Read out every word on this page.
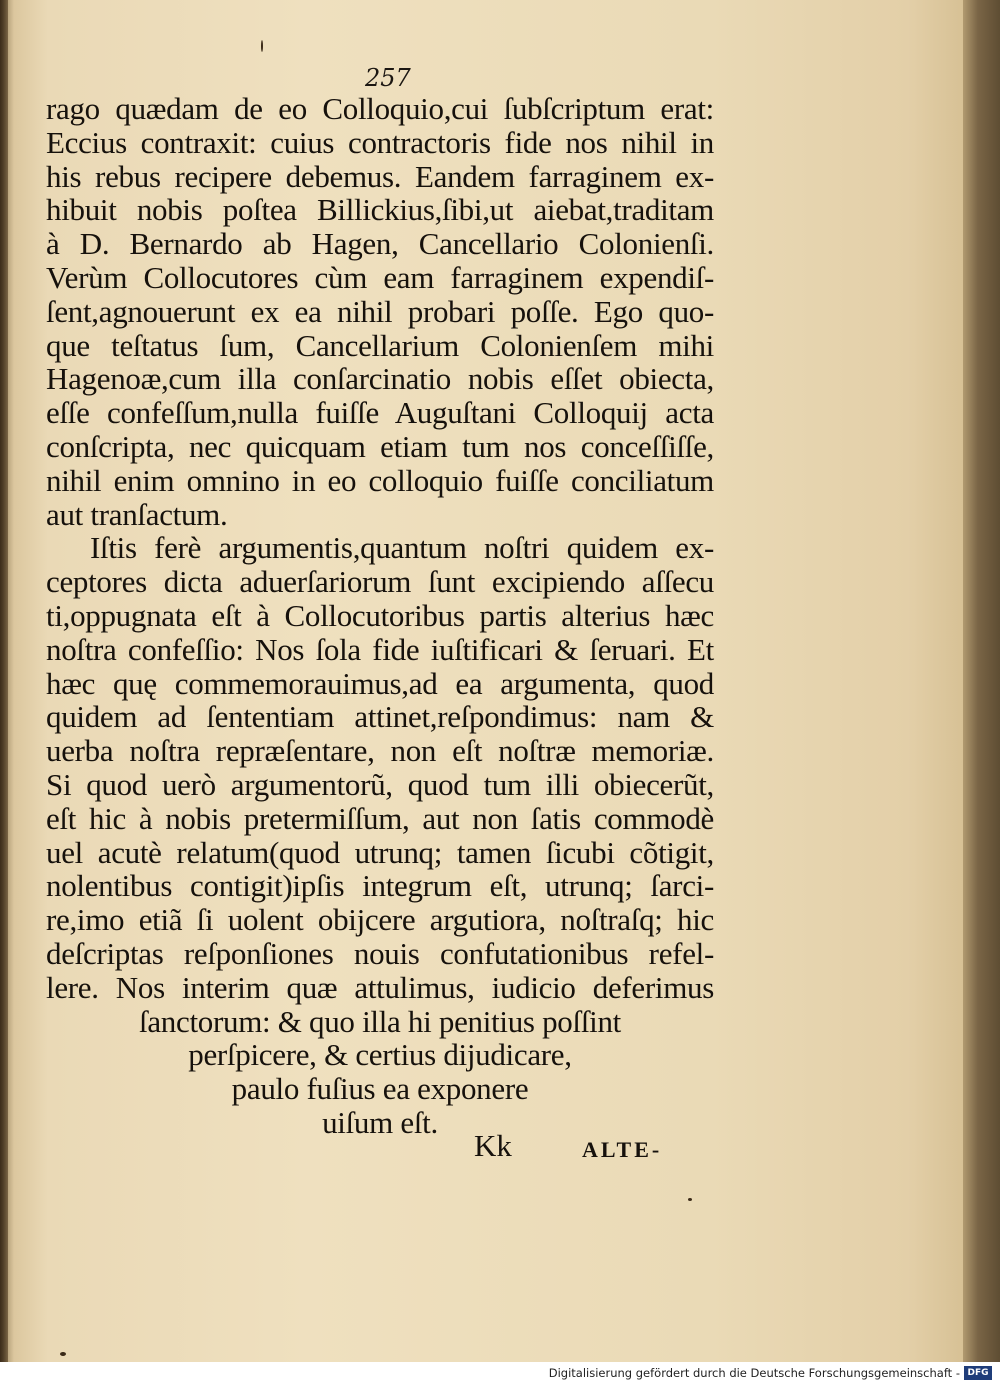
257
rago quædam de eo Colloquio,cui ſubſcriptum erat:
Eccius contraxit: cuius contractoris fide nos nihil in
his rebus recipere debemus. Eandem farraginem ex-
hibuit nobis poſtea Billickius,ſibi,ut aiebat,traditam
à D. Bernardo ab Hagen, Cancellario Colonienſi.
Verùm Collocutores cùm eam farraginem expendiſ-
ſent,agnouerunt ex ea nihil probari poſſe. Ego quo-
que teſtatus ſum, Cancellarium Colonienſem mihi
Hagenoæ,cum illa conſarcinatio nobis eſſet obiecta,
eſſe confeſſum,nulla fuiſſe Auguſtani Colloquij acta
conſcripta, nec quicquam etiam tum nos conceſſiſſe,
nihil enim omnino in eo colloquio fuiſſe conciliatum
aut tranſactum.
Iſtis ferè argumentis,quantum noſtri quidem ex-
ceptores dicta aduerſariorum ſunt excipiendo aſſecu
ti,oppugnata eſt à Collocutoribus partis alterius hæc
noſtra confeſſio: Nos ſola fide iuſtificari & ſeruari. Et
hæc quę commemorauimus,ad ea argumenta, quod
quidem ad ſententiam attinet,reſpondimus: nam &
uerba noſtra repræſentare, non eſt noſtræ memoriæ.
Si quod uerò argumentorũ, quod tum illi obiecerũt,
eſt hic à nobis pretermiſſum, aut non ſatis commodè
uel acutè relatum(quod utrunq; tamen ſicubi cõtigit,
nolentibus contigit)ipſis integrum eſt, utrunq; ſarci-
re,imo etiã ſi uolent obijcere argutiora, noſtraſq; hic
deſcriptas reſponſiones nouis confutationibus refel-
lere. Nos interim quæ attulimus, iudicio deferimus
ſanctorum: & quo illa hi penitius poſſint
perſpicere, & certius dijudicare,
paulo fuſius ea exponere
uiſum eſt.
Kk	ALTE-
Digitalisierung gefördert durch die Deutsche Forschungsgemeinschaft - DFG
